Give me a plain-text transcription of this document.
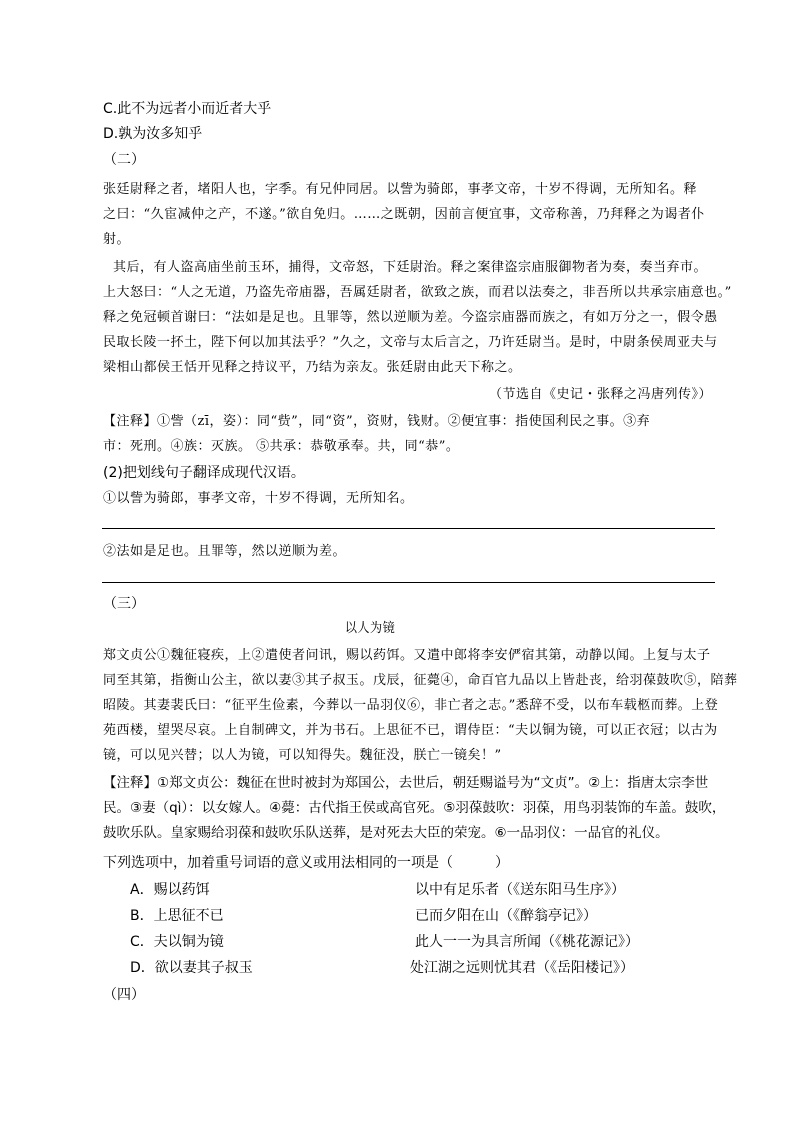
C.此不为远者小而近者大乎
D.孰为汝多知乎
（二）
张廷尉释之者，堵阳人也，字季。有兄仲同居。以訾为骑郎，事孝文帝，十岁不得调，无所知名。释
之曰：“久宦减仲之产，不遂。”欲自免归。……之既朝，因前言便宜事，文帝称善，乃拜释之为谒者仆
射。
其后，有人盗高庙坐前玉环，捕得，文帝怒，下廷尉治。释之案律盗宗庙服御物者为奏，奏当弃市。
上大怒曰：“人之无道，乃盗先帝庙器，吾属廷尉者，欲致之族，而君以法奏之，非吾所以共承宗庙意也。”
释之免冠顿首谢曰：“法如是足也。且罪等，然以逆顺为差。今盗宗庙器而族之，有如万分之一，假令愚
民取长陵一抔土，陛下何以加其法乎？”久之，文帝与太后言之，乃许廷尉当。是时，中尉条侯周亚夫与
梁相山都侯王恬开见释之持议平，乃结为亲友。张廷尉由此天下称之。
（节选自《史记・张释之冯唐列传》）
【注释】①訾（zī，姿）：同“赀”，同“资”，资财，钱财。②便宜事：指使国利民之事。③弃
市：死刑。④族：灭族。 ⑤共承：恭敬承奉。共，同“恭”。
(2)把划线句子翻译成现代汉语。
①以訾为骑郎，事孝文帝，十岁不得调，无所知名。
②法如是足也。且罪等，然以逆顺为差。
（三）
以人为镜
郑文贞公①魏征寝疾，上②遣使者问讯，赐以药饵。又遣中郎将李安俨宿其第，动静以闻。上复与太子
同至其第，指衡山公主，欲以妻③其子叔玉。戊辰，征薨④，命百官九品以上皆赴丧，给羽葆鼓吹⑤，陪葬
昭陵。其妻裴氏曰：“征平生俭素，今葬以一品羽仪⑥，非亡者之志。”悉辞不受，以布车载柩而葬。上登
苑西楼，望哭尽哀。上自制碑文，并为书石。上思征不已，谓侍臣：“夫以铜为镜，可以正衣冠；以古为
镜，可以见兴替；以人为镜，可以知得失。魏征没，朕亡一镜矣！”
【注释】①郑文贞公：魏征在世时被封为郑国公，去世后，朝廷赐谥号为“文贞”。②上：指唐太宗李世
民。③妻（qì）：以女嫁人。④薨：古代指王侯或高官死。⑤羽葆鼓吹：羽葆，用鸟羽装饰的车盖。鼓吹，
鼓吹乐队。皇家赐给羽葆和鼓吹乐队送葬，是对死去大臣的荣宠。⑥一品羽仪：一品官的礼仪。
下列选项中，加着重号词语的意义或用法相同的一项是（　　　）
A．赐以药饵	以中有足乐者（《送东阳马生序》）
B．上思征不已	已而夕阳在山（《醉翁亭记》）
C．夫以铜为镜	此人一一为具言所闻（《桃花源记》）
D．欲以妻其子叔玉	处江湖之远则忧其君（《岳阳楼记》）
（四）
